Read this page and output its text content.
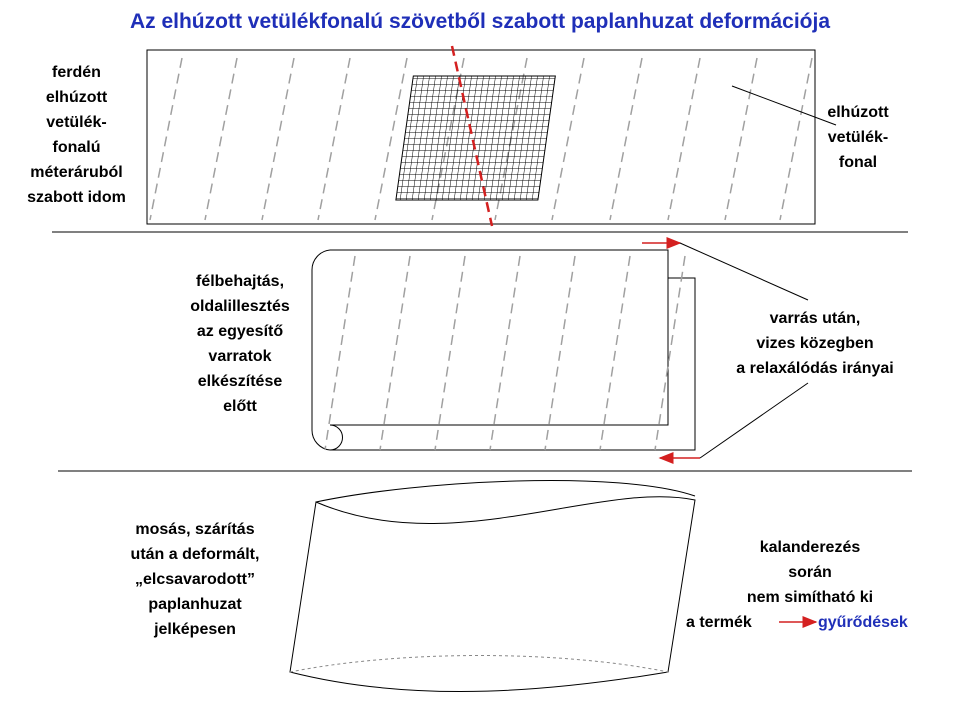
Az elhúzott vetülékfonalú szövetből szabott paplanhuzat deformációja
ferdén
elhúzott
vetülék-
fonalú
méteráruból
szabott idom
elhúzott
vetülék-
fonal
félbehajtás,
oldalillesztés
az egyesítő
varratok
elkészítése
előtt
varrás után,
vizes közegben
a relaxálódás irányai
mosás, szárítás
után a deformált,
„elcsavarodott”
paplanhuzat
jelképesen
kalanderezés
során
nem simítható ki
a termék	gyűrődések
